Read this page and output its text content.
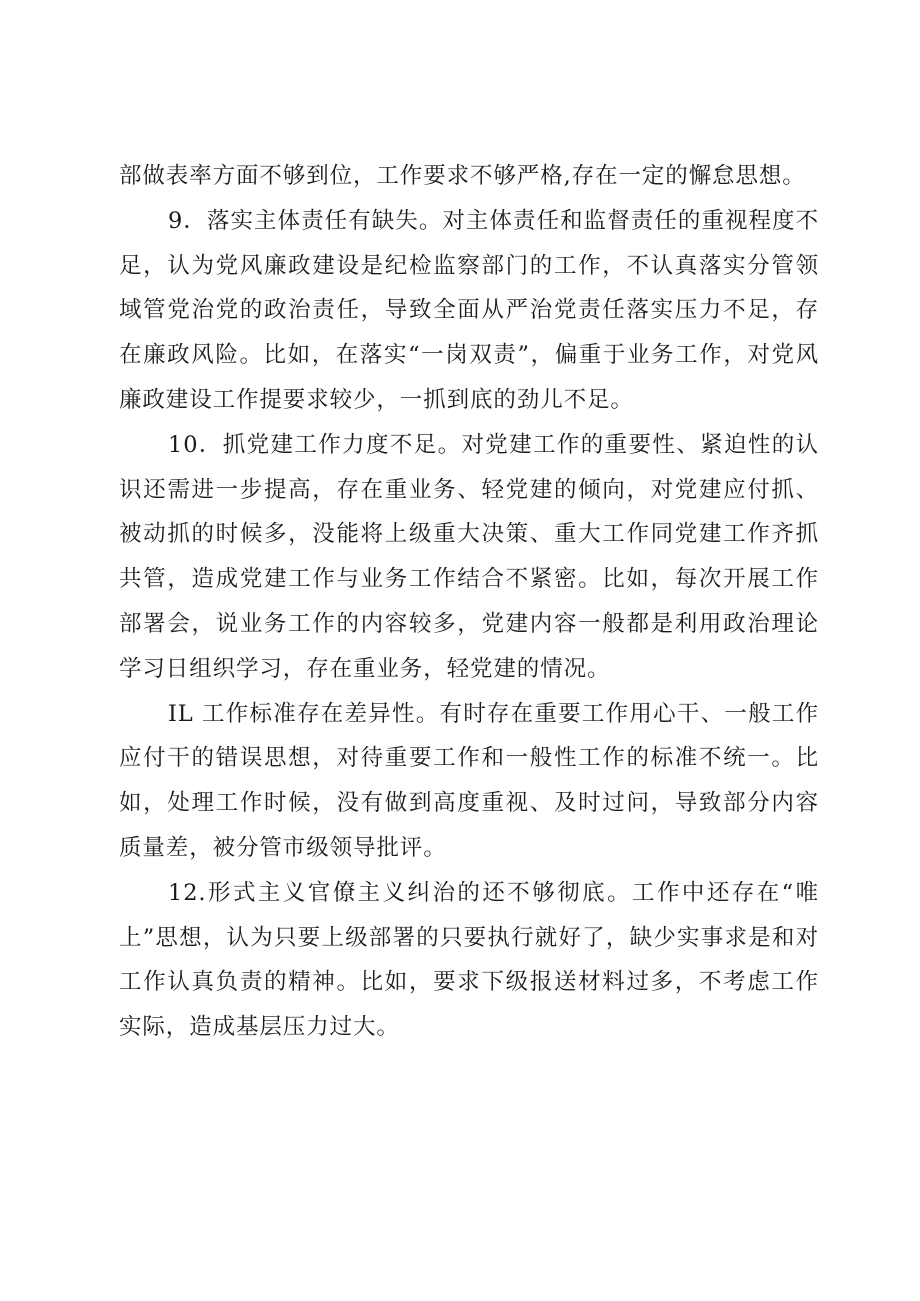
部做表率方面不够到位，工作要求不够严格,存在一定的懈怠思想。

9．落实主体责任有缺失。对主体责任和监督责任的重视程度不足，认为党风廉政建设是纪检监察部门的工作，不认真落实分管领域管党治党的政治责任，导致全面从严治党责任落实压力不足，存在廉政风险。比如，在落实“一岗双责”，偏重于业务工作，对党风廉政建设工作提要求较少，一抓到底的劲儿不足。

10．抓党建工作力度不足。对党建工作的重要性、紧迫性的认识还需进一步提高，存在重业务、轻党建的倾向，对党建应付抓、被动抓的时候多，没能将上级重大决策、重大工作同党建工作齐抓共管，造成党建工作与业务工作结合不紧密。比如，每次开展工作部署会，说业务工作的内容较多，党建内容一般都是利用政治理论学习日组织学习，存在重业务，轻党建的情况。

IL 工作标准存在差异性。有时存在重要工作用心干、一般工作应付干的错误思想，对待重要工作和一般性工作的标准不统一。比如，处理工作时候，没有做到高度重视、及时过问，导致部分内容质量差，被分管市级领导批评。

12.形式主义官僚主义纠治的还不够彻底。工作中还存在“唯上”思想，认为只要上级部署的只要执行就好了，缺少实事求是和对工作认真负责的精神。比如，要求下级报送材料过多，不考虑工作实际，造成基层压力过大。
